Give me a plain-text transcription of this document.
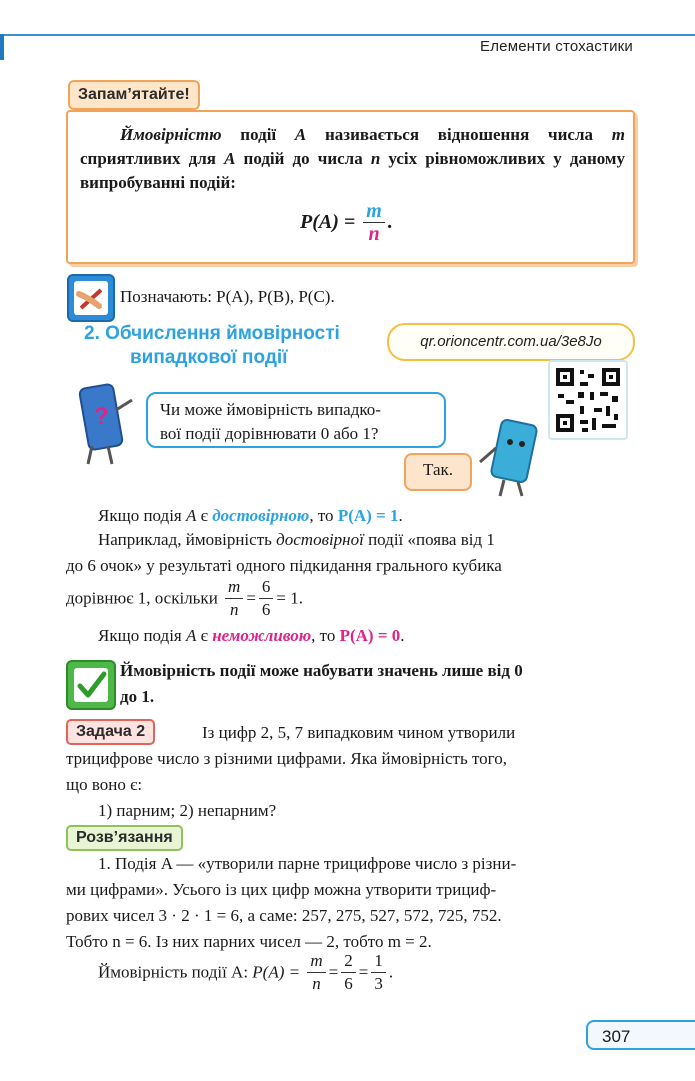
Елементи стохастики
Запам’ятайте!
Ймовірністю події A називається відношення числа m сприятливих для A подій до числа n усіх рівноможливих у даному випробуванні подій:
$P(A) = \frac{m}{n}$ .
Позначають: P(A), P(B), P(C).
2. Обчислення ймовірності
випадкової події
qr.orioncentr.com.ua/3e8Jo
?	Чи може ймовірність випадко-
вої події дорівнювати 0 або 1?
Так.
Якщо подія A є достовірною, то P(A) = 1.
Наприклад, ймовірність достовірної події «поява від 1
до 6 очок» у результаті одного підкидання грального кубика
дорівнює 1, оскільки $\frac{m}{n} = \frac{6}{6} = 1$.
Якщо подія A є неможливою, то P(A) = 0.
Ймовірність події може набувати значень лише від 0
до 1.
Задача 2	Із цифр 2, 5, 7 випадковим чином утворили
трицифрове число з різними цифрами. Яка ймовірність того,
що воно є:
1) парним; 2) непарним?
Розв’язання
1. Подія A — «утворили парне трицифрове число з різни-
ми цифрами». Усього із цих цифр можна утворити трициф-
рових чисел 3 · 2 · 1 = 6, а саме: 257, 275, 527, 572, 725, 752.
Тобто n = 6. Із них парних чисел — 2, тобто m = 2.
Ймовірність події A: $P(A) = \frac{m}{n} = \frac{2}{6} = \frac{1}{3}$ .
307
